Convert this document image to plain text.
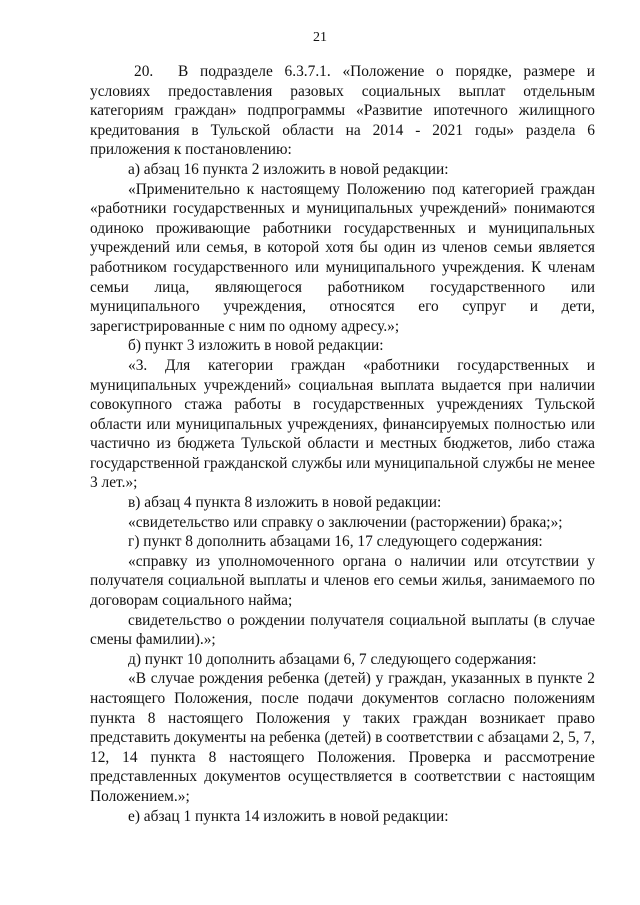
21

20. В подразделе 6.3.7.1. «Положение о порядке, размере и условиях предоставления разовых социальных выплат отдельным категориям граждан» подпрограммы «Развитие ипотечного жилищного кредитования в Тульской области на 2014 - 2021 годы» раздела 6 приложения к постановлению:

а) абзац 16 пункта 2 изложить в новой редакции:

«Применительно к настоящему Положению под категорией граждан «работники государственных и муниципальных учреждений» понимаются одиноко проживающие работники государственных и муниципальных учреждений или семья, в которой хотя бы один из членов семьи является работником государственного или муниципального учреждения. К членам семьи лица, являющегося работником государственного или муниципального учреждения, относятся его супруг и дети, зарегистрированные с ним по одному адресу.»;

б) пункт 3 изложить в новой редакции:

«3. Для категории граждан «работники государственных и муниципальных учреждений» социальная выплата выдается при наличии совокупного стажа работы в государственных учреждениях Тульской области или муниципальных учреждениях, финансируемых полностью или частично из бюджета Тульской области и местных бюджетов, либо стажа государственной гражданской службы или муниципальной службы не менее 3 лет.»;

в) абзац 4 пункта 8 изложить в новой редакции:

«свидетельство или справку о заключении (расторжении) брака;»;

г) пункт 8 дополнить абзацами 16, 17 следующего содержания:

«справку из уполномоченного органа о наличии или отсутствии у получателя социальной выплаты и членов его семьи жилья, занимаемого по договорам социального найма;

свидетельство о рождении получателя социальной выплаты (в случае смены фамилии).»;

д) пункт 10 дополнить абзацами 6, 7 следующего содержания:

«В случае рождения ребенка (детей) у граждан, указанных в пункте 2 настоящего Положения, после подачи документов согласно положениям пункта 8 настоящего Положения у таких граждан возникает право представить документы на ребенка (детей) в соответствии с абзацами 2, 5, 7, 12, 14 пункта 8 настоящего Положения. Проверка и рассмотрение представленных документов осуществляется в соответствии с настоящим Положением.»;

е) абзац 1 пункта 14 изложить в новой редакции:
